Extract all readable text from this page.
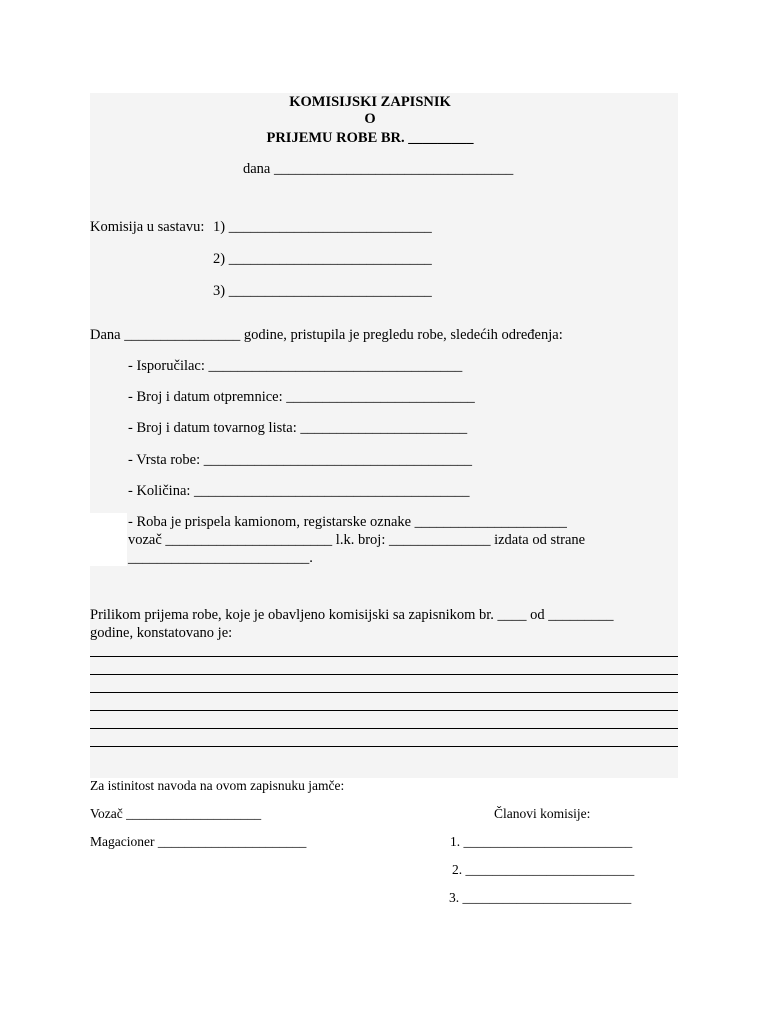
KOMISIJSKI ZAPISNIK
O
PRIJEMU ROBE BR. _________
dana _________________________________
Komisija u sastavu: 1) ____________________________
2) ____________________________
3) ____________________________
Dana ________________ godine, pristupila je pregledu robe, sledećih određenja:
- Isporučilac: ___________________________________
- Broj i datum otpremnice: __________________________
- Broj i datum tovarnog lista: _______________________
- Vrsta robe: _____________________________________
- Količina: ______________________________________
- Roba je prispela kamionom, registarske oznake _____________________
vozač _______________________ l.k. broj: ______________ izdata od strane
_________________________.
Prilikom prijema robe, koje je obavljeno komisijski sa zapisnikom br. ____ od _________
godine, konstatovano je:
Za istinitost navoda na ovom zapisnuku jamče:
Vozač ____________________	Članovi komisije:
Magacioner ______________________	1. _________________________
2. _________________________
3. _________________________
